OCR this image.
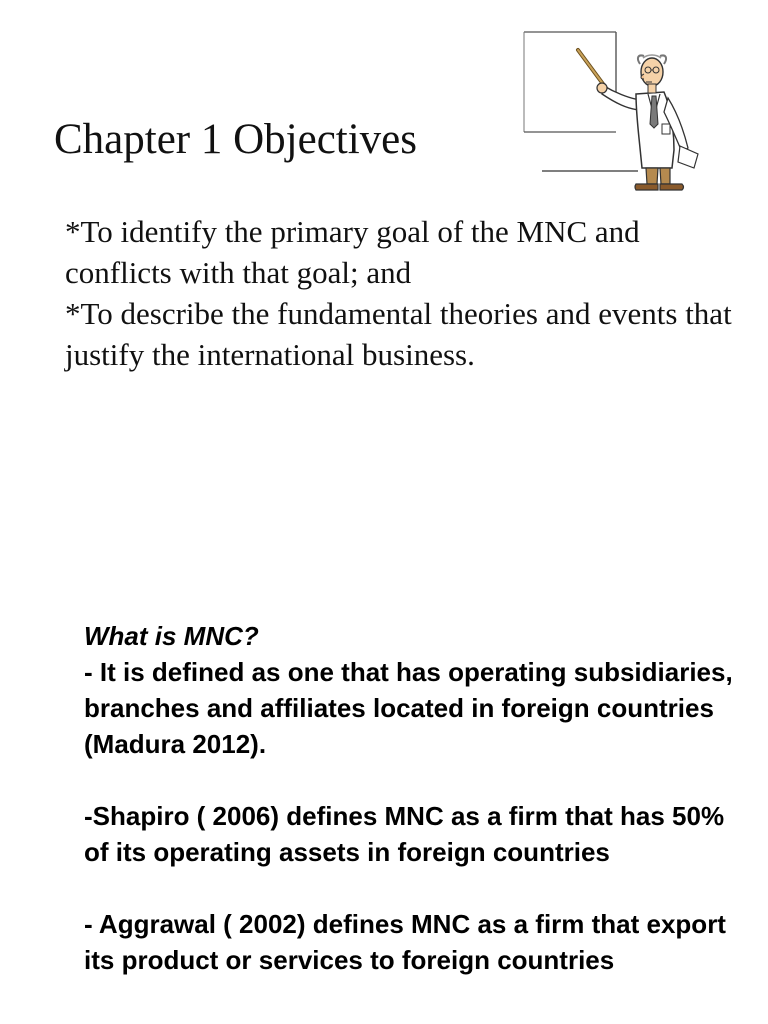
Chapter 1 Objectives

*To identify the primary goal of the MNC and conflicts with that goal; and

*To describe the fundamental theories and events that justify the international business.

What is MNC?

- It is defined as one that has operating subsidiaries, branches and affiliates located in foreign countries (Madura 2012).

-Shapiro ( 2006) defines MNC as a firm that has 50% of its operating assets in foreign countries

- Aggrawal ( 2002) defines MNC as a firm that export its product or services to foreign countries
